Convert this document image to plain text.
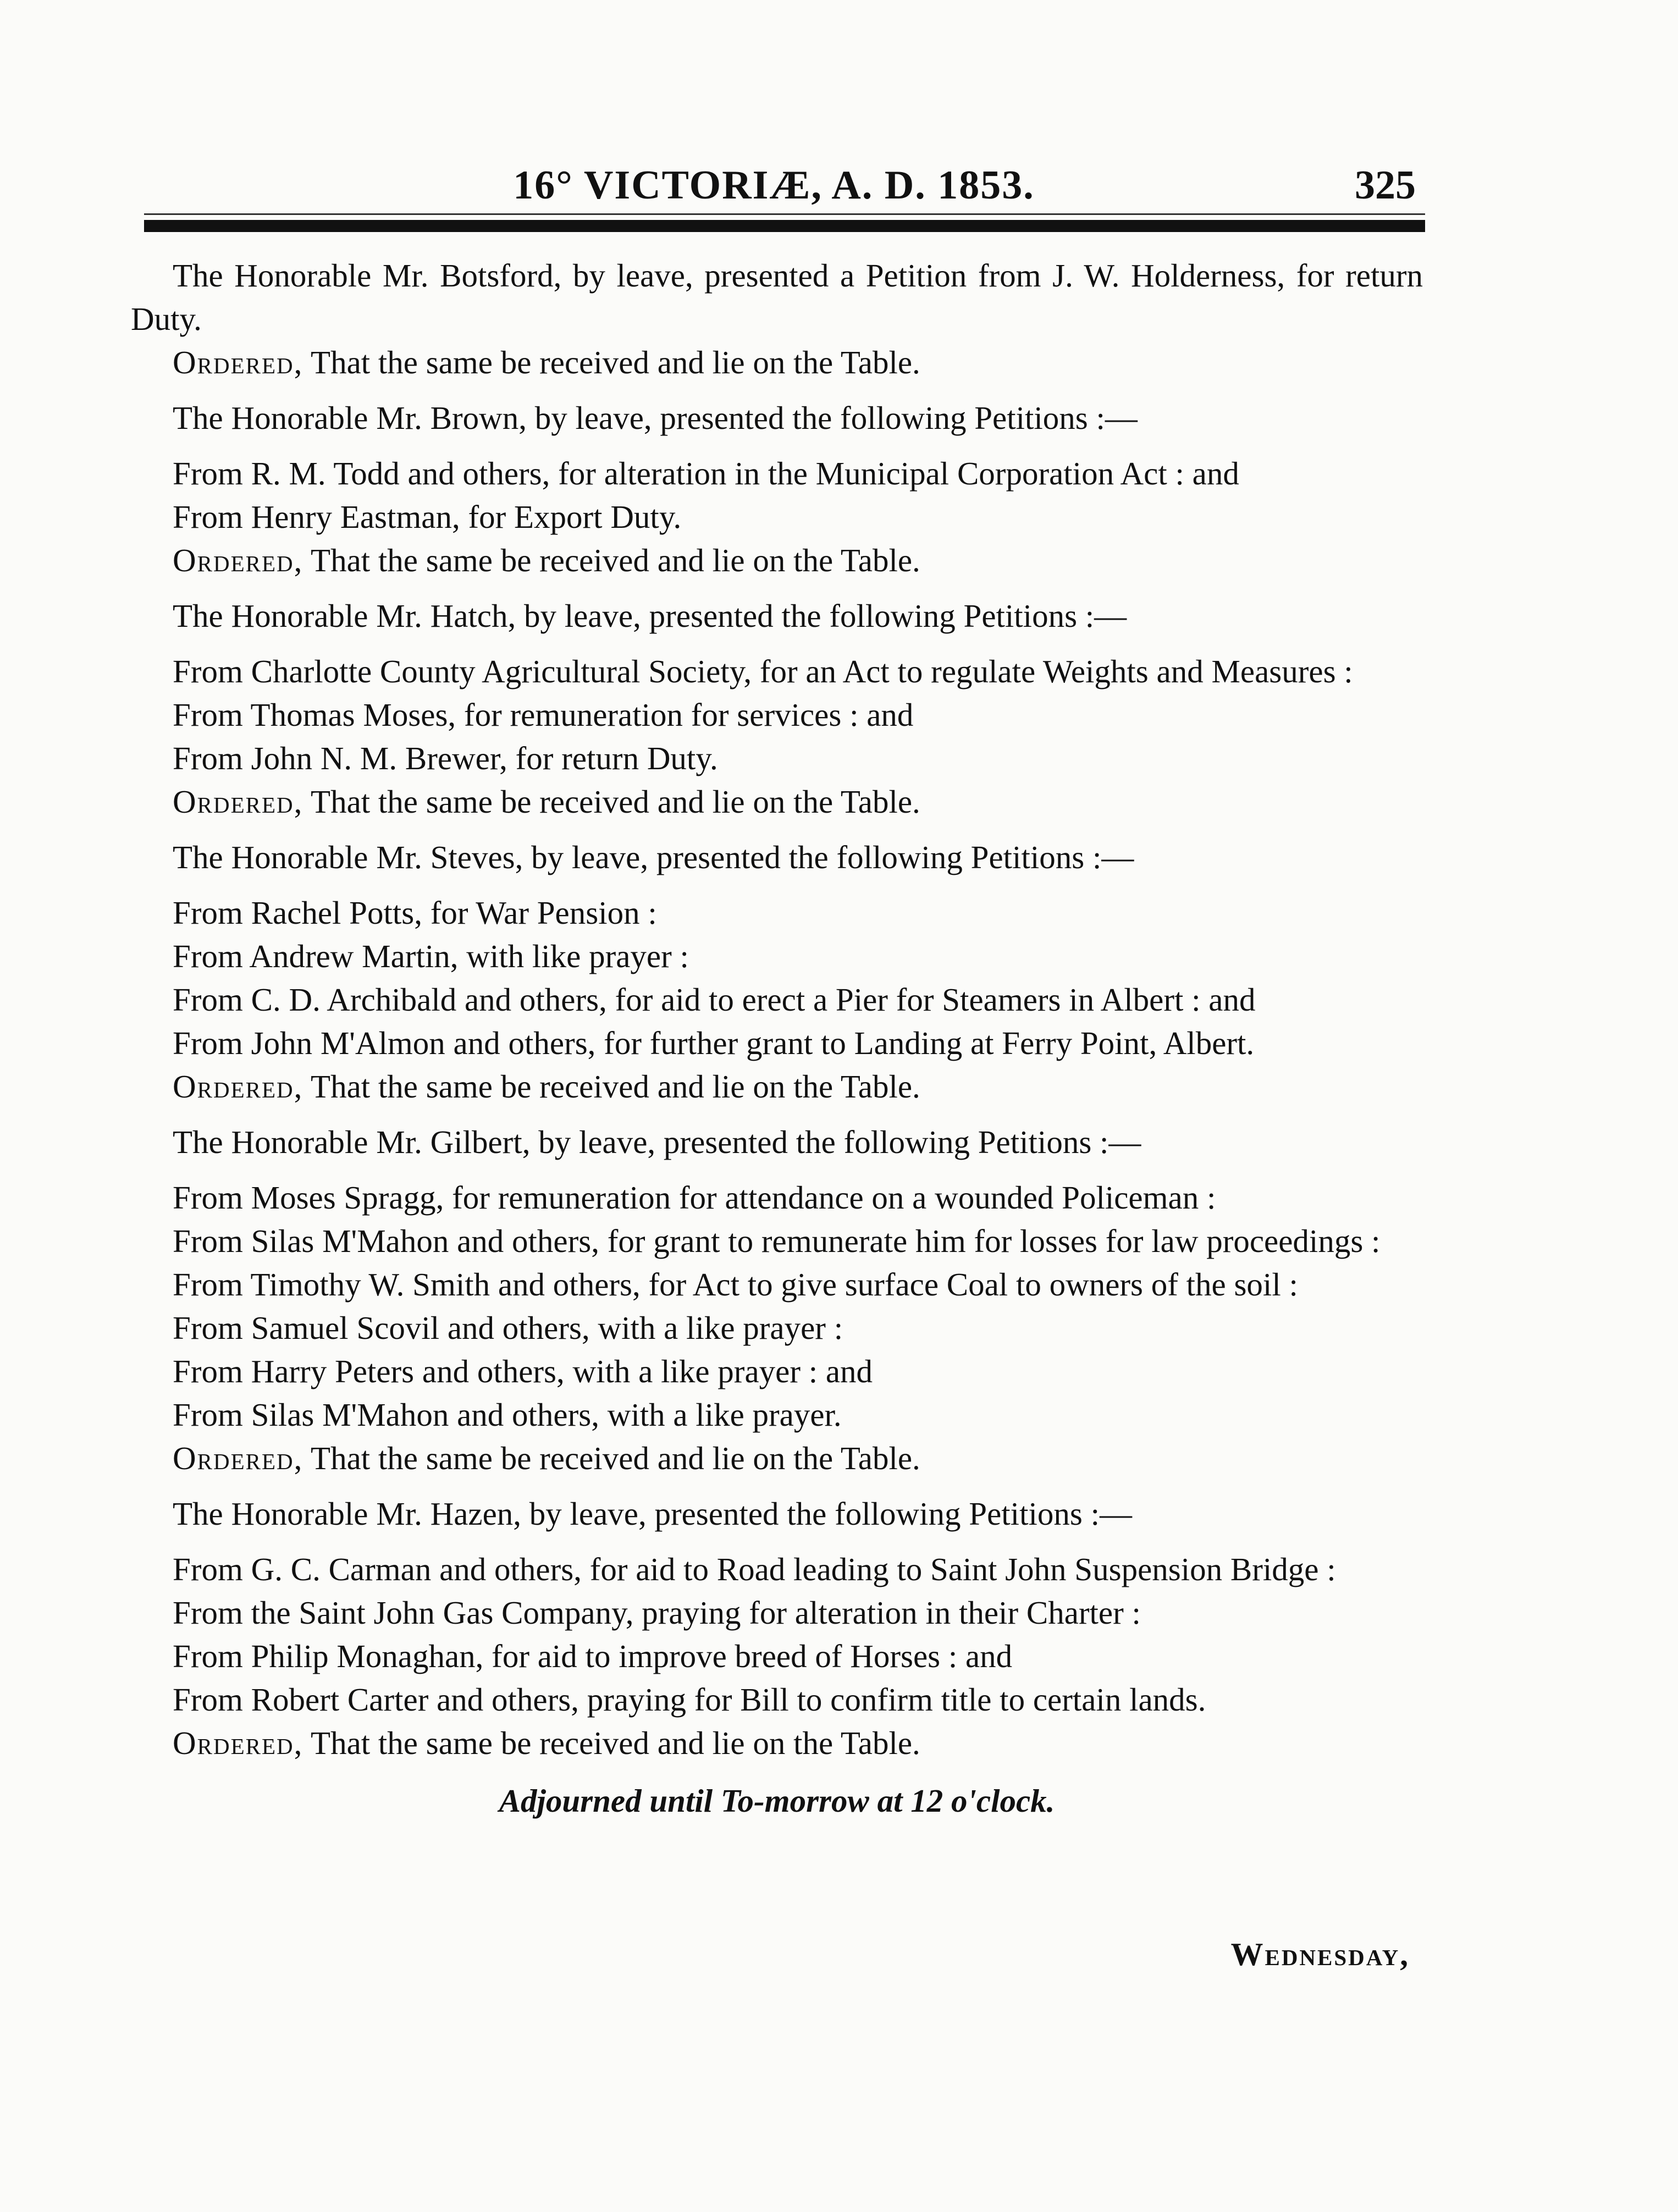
16° VICTORIÆ, A. D. 1853.	325

The Honorable Mr. Botsford, by leave, presented a Petition from J. W. Holderness, for return Duty.

Ordered, That the same be received and lie on the Table.

The Honorable Mr. Brown, by leave, presented the following Petitions :—

From R. M. Todd and others, for alteration in the Municipal Corporation Act : and

From Henry Eastman, for Export Duty.

Ordered, That the same be received and lie on the Table.

The Honorable Mr. Hatch, by leave, presented the following Petitions :—

From Charlotte County Agricultural Society, for an Act to regulate Weights and Measures :

From Thomas Moses, for remuneration for services : and

From John N. M. Brewer, for return Duty.

Ordered, That the same be received and lie on the Table.

The Honorable Mr. Steves, by leave, presented the following Petitions :—

From Rachel Potts, for War Pension :

From Andrew Martin, with like prayer :

From C. D. Archibald and others, for aid to erect a Pier for Steamers in Albert : and

From John M'Almon and others, for further grant to Landing at Ferry Point, Albert.

Ordered, That the same be received and lie on the Table.

The Honorable Mr. Gilbert, by leave, presented the following Petitions :—

From Moses Spragg, for remuneration for attendance on a wounded Policeman :

From Silas M'Mahon and others, for grant to remunerate him for losses for law proceedings :

From Timothy W. Smith and others, for Act to give surface Coal to owners of the soil :

From Samuel Scovil and others, with a like prayer :

From Harry Peters and others, with a like prayer : and

From Silas M'Mahon and others, with a like prayer.

Ordered, That the same be received and lie on the Table.

The Honorable Mr. Hazen, by leave, presented the following Petitions :—

From G. C. Carman and others, for aid to Road leading to Saint John Suspension Bridge :

From the Saint John Gas Company, praying for alteration in their Charter :

From Philip Monaghan, for aid to improve breed of Horses : and

From Robert Carter and others, praying for Bill to confirm title to certain lands.

Ordered, That the same be received and lie on the Table.

Adjourned until To-morrow at 12 o'clock.

Wednesday,
